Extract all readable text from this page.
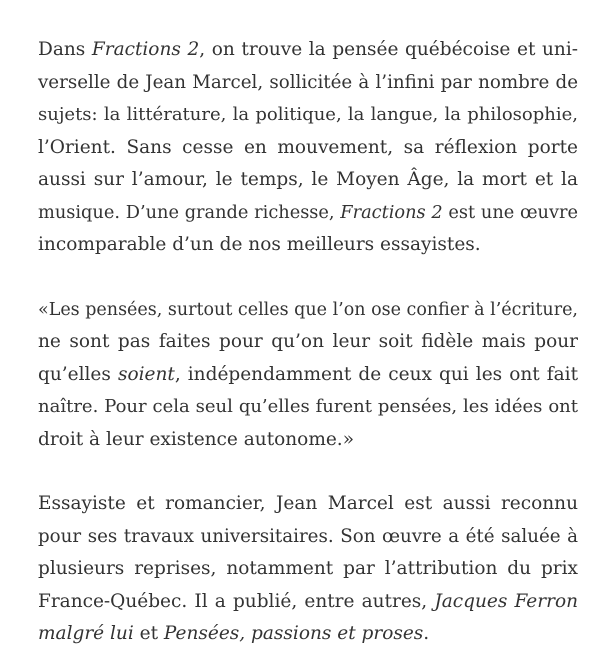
Dans Fractions 2, on trouve la pensée québécoise et uni-
verselle de Jean Marcel, sollicitée à l’infini par nombre de
sujets: la littérature, la politique, la langue, la philosophie,
l’Orient. Sans cesse en mouvement, sa réflexion porte
aussi sur l’amour, le temps, le Moyen Âge, la mort et la
musique. D’une grande richesse, Fractions 2 est une œuvre
incomparable d’un de nos meilleurs essayistes.

«Les pensées, surtout celles que l’on ose confier à l’écriture,
ne sont pas faites pour qu’on leur soit fidèle mais pour
qu’elles soient, indépendamment de ceux qui les ont fait
naître. Pour cela seul qu’elles furent pensées, les idées ont
droit à leur existence autonome.»

Essayiste et romancier, Jean Marcel est aussi reconnu
pour ses travaux universitaires. Son œuvre a été saluée à
plusieurs reprises, notamment par l’attribution du prix
France-Québec. Il a publié, entre autres, Jacques Ferron
malgré lui et Pensées, passions et proses.
